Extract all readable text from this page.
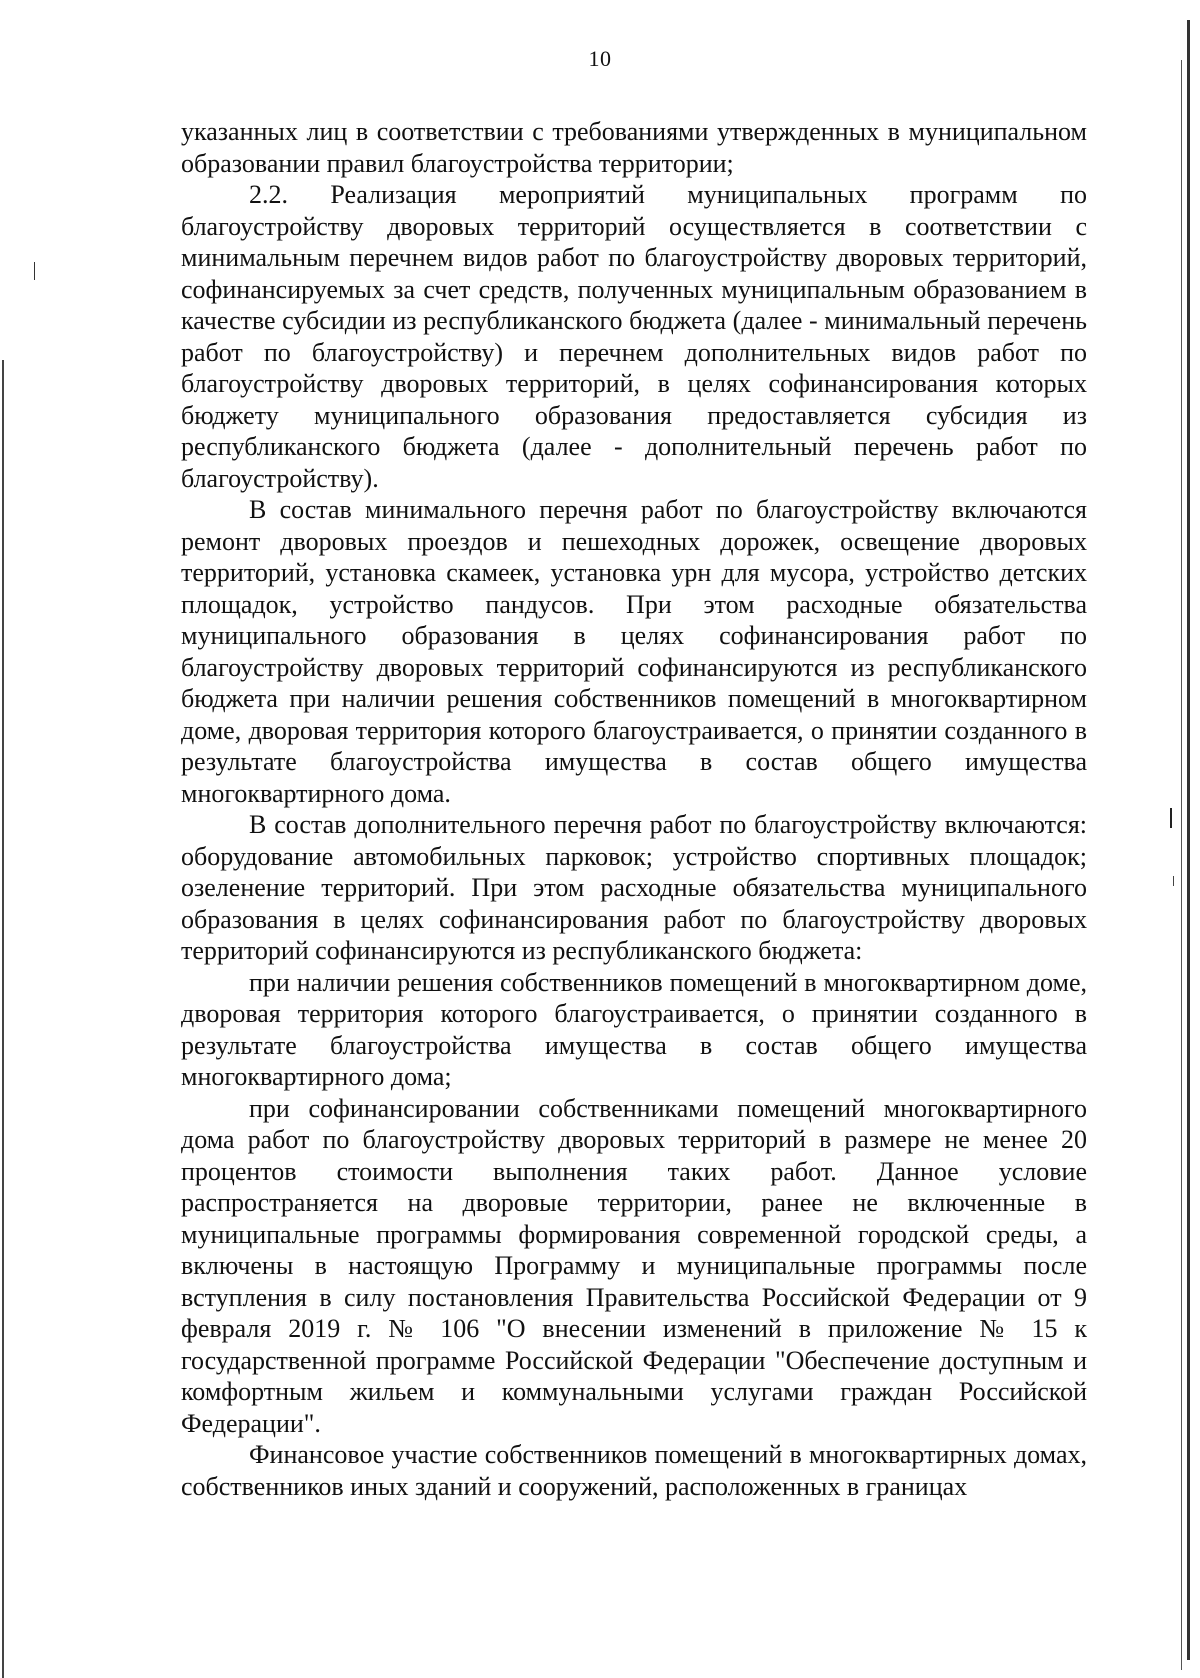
10

указанных лиц в соответствии с требованиями утвержденных в муниципальном образовании правил благоустройства территории;

2.2. Реализация мероприятий муниципальных программ по благоустройству дворовых территорий осуществляется в соответствии с минимальным перечнем видов работ по благоустройству дворовых территорий, софинансируемых за счет средств, полученных муниципальным образованием в качестве субсидии из республиканского бюджета (далее - минимальный перечень работ по благоустройству) и перечнем дополнительных видов работ по благоустройству дворовых территорий, в целях софинансирования которых бюджету муниципального образования предоставляется субсидия из республиканского бюджета (далее - дополнительный перечень работ по благоустройству).

В состав минимального перечня работ по благоустройству включаются ремонт дворовых проездов и пешеходных дорожек, освещение дворовых территорий, установка скамеек, установка урн для мусора, устройство детских площадок, устройство пандусов. При этом расходные обязательства муниципального образования в целях софинансирования работ по благоустройству дворовых территорий софинансируются из республиканского бюджета при наличии решения собственников помещений в многоквартирном доме, дворовая территория которого благоустраивается, о принятии созданного в результате благоустройства имущества в состав общего имущества многоквартирного дома.

В состав дополнительного перечня работ по благоустройству включаются: оборудование автомобильных парковок; устройство спортивных площадок; озеленение территорий. При этом расходные обязательства муниципального образования в целях софинансирования работ по благоустройству дворовых территорий софинансируются из республиканского бюджета:

при наличии решения собственников помещений в многоквартирном доме, дворовая территория которого благоустраивается, о принятии созданного в результате благоустройства имущества в состав общего имущества многоквартирного дома;

при софинансировании собственниками помещений многоквартирного дома работ по благоустройству дворовых территорий в размере не менее 20 процентов стоимости выполнения таких работ. Данное условие распространяется на дворовые территории, ранее не включенные в муниципальные программы формирования современной городской среды, а включены в настоящую Программу и муниципальные программы после вступления в силу постановления Правительства Российской Федерации от 9 февраля 2019 г. № 106 "О внесении изменений в приложение № 15 к государственной программе Российской Федерации "Обеспечение доступным и комфортным жильем и коммунальными услугами граждан Российской Федерации".

Финансовое участие собственников помещений в многоквартирных домах, собственников иных зданий и сооружений, расположенных в границах
